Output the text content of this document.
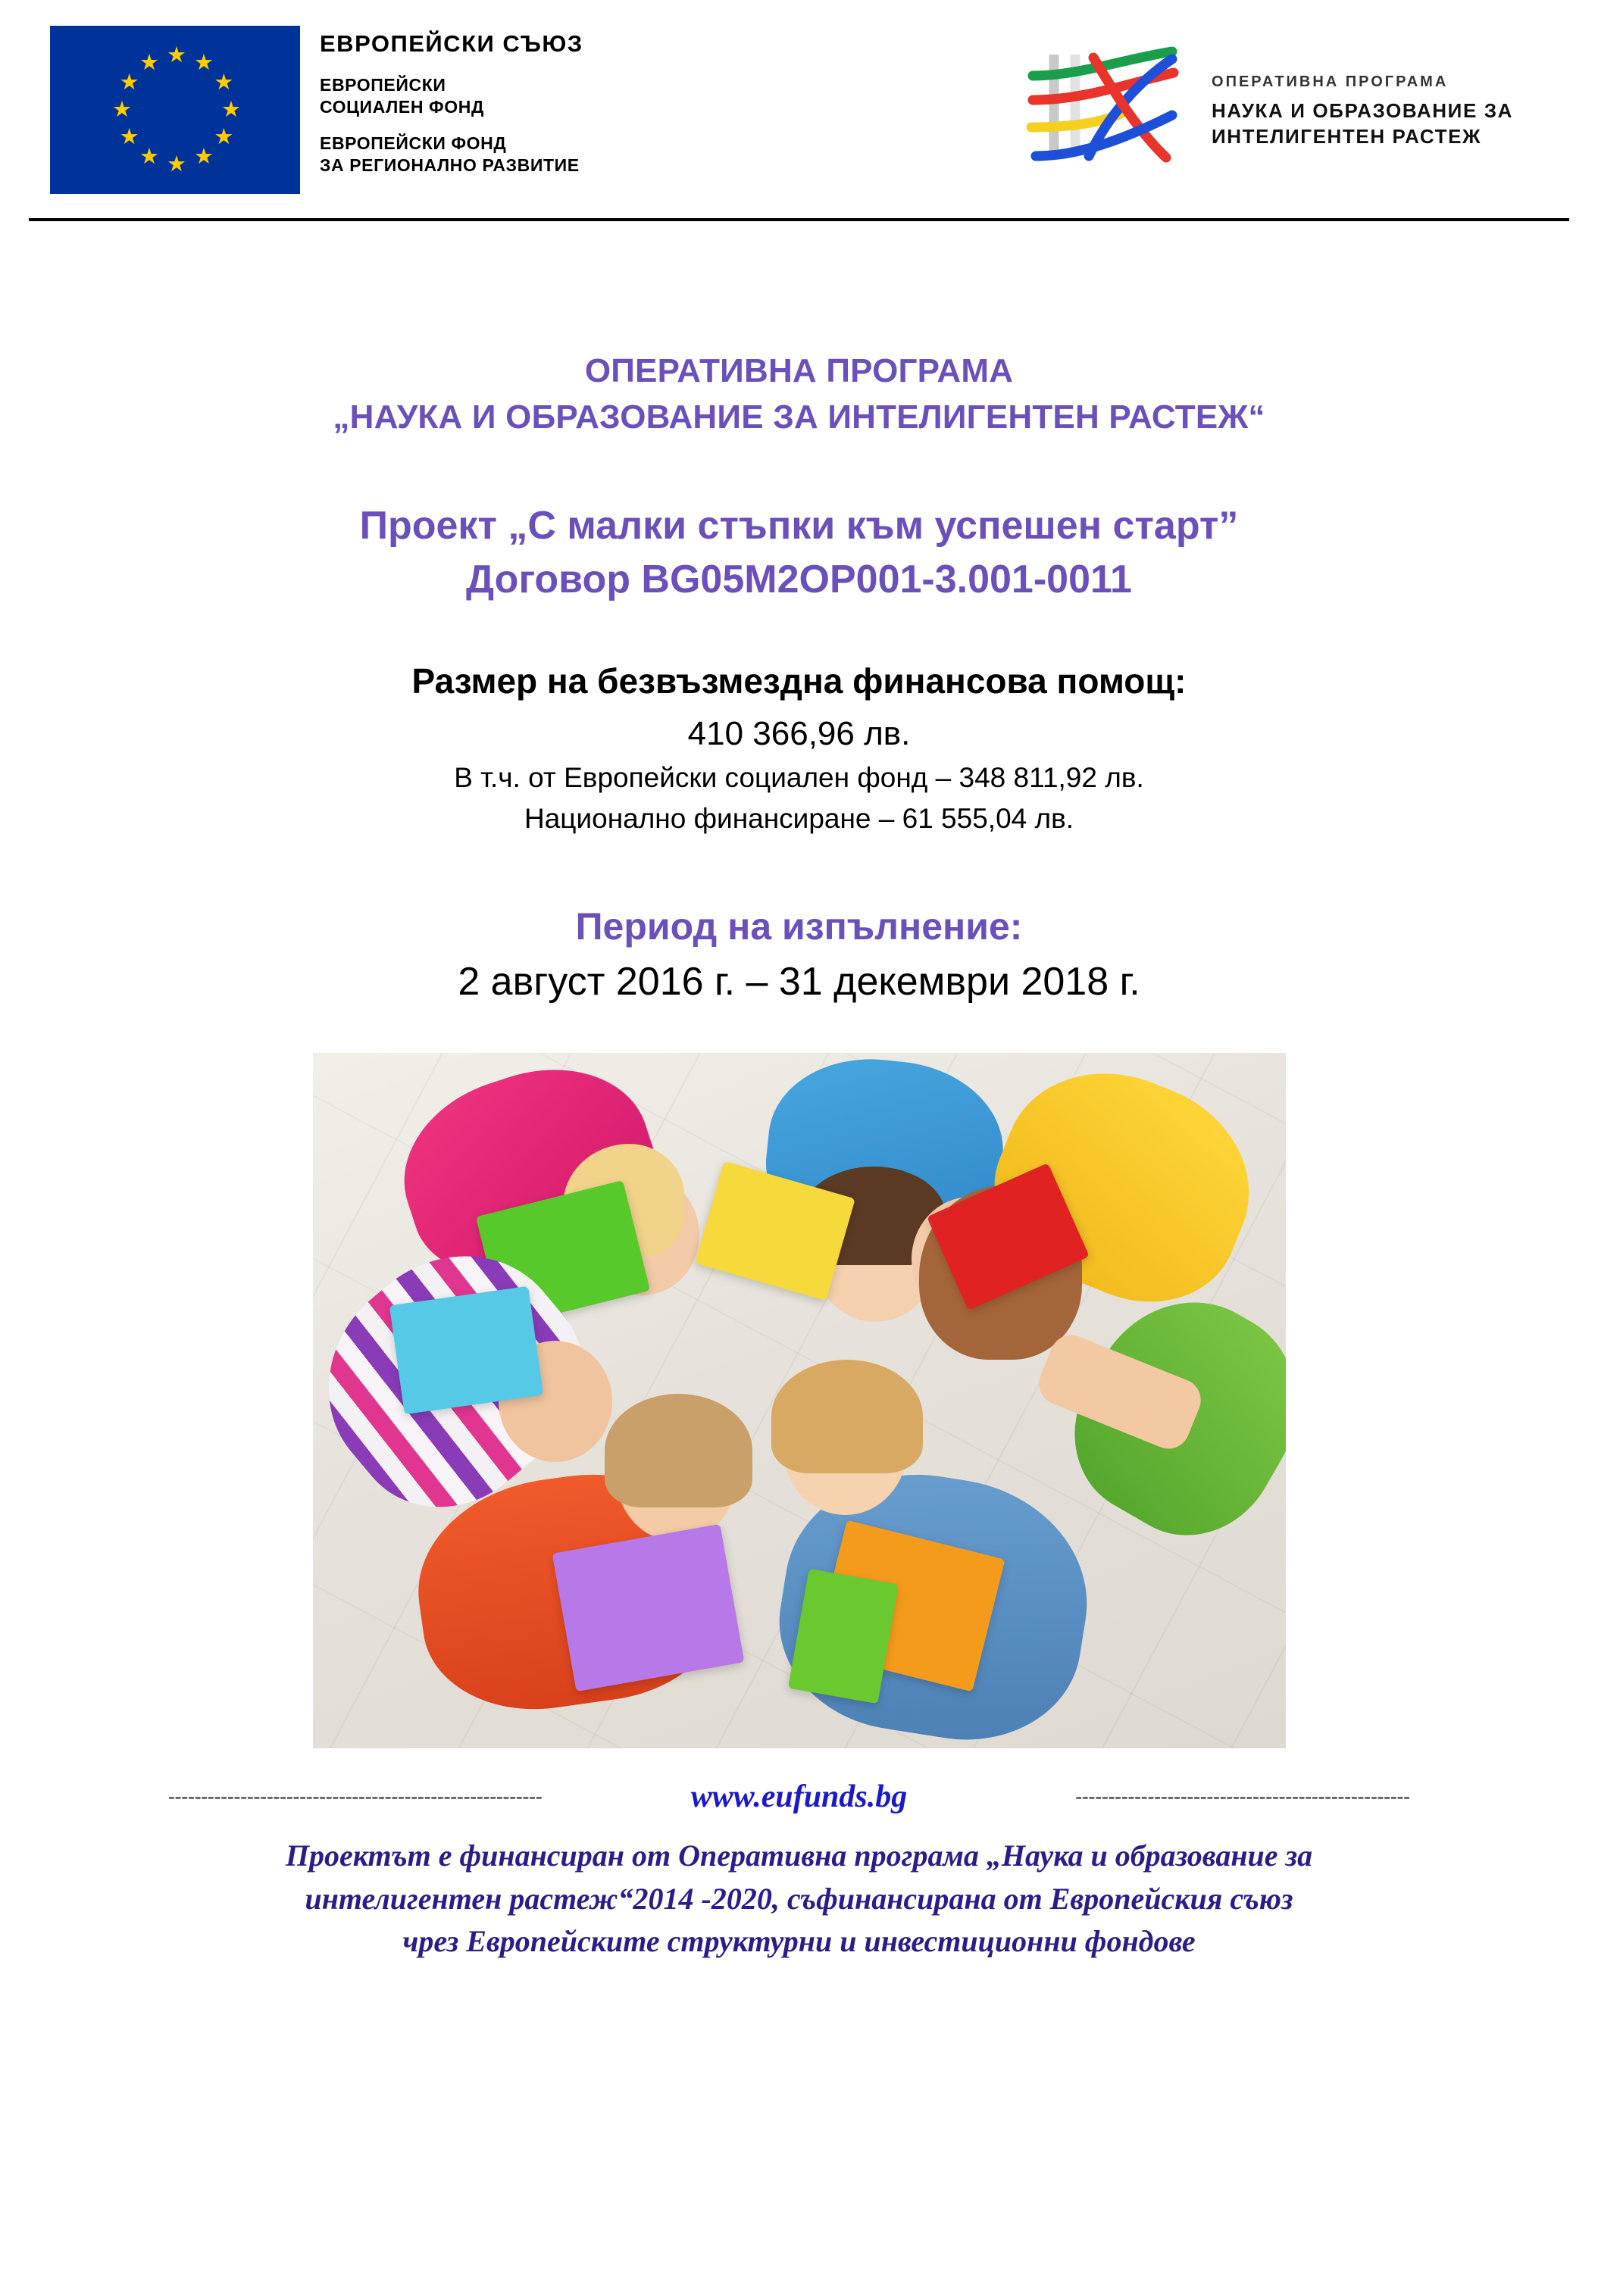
★ ★
★
★
★
★
★
★
★
★
★
★
ЕВРОПЕЙСКИ СЪЮЗ
ЕВРОПЕЙСКИ
СОЦИАЛЕН ФОНД
ЕВРОПЕЙСКИ ФОНД
ЗА РЕГИОНАЛНО РАЗВИТИЕ
ОПЕРАТИВНА ПРОГРАМА
НАУКА И ОБРАЗОВАНИЕ ЗА
ИНТЕЛИГЕНТЕН РАСТЕЖ
ОПЕРАТИВНА ПРОГРАМА
„НАУКА И ОБРАЗОВАНИЕ ЗА ИНТЕЛИГЕНТЕН РАСТЕЖ“
Проект „С малки стъпки към успешен старт”
Договор BG05M2OP001-3.001-0011
Размер на безвъзмездна финансова помощ:
410 366,96 лв.
В т.ч. от Европейски социален фонд – 348 811,92 лв.
Национално финансиране – 61 555,04 лв.
Период на изпълнение:
2 август 2016 г. – 31 декември 2018 г.
---------------------------------------------------------	www.eufunds.bg	---------------------------------------------------
Проектът е финансиран от Оперативна програма „Наука и образование за
интелигентен растеж“2014 -2020, съфинансирана от Европейския съюз
чрез Европейските структурни и инвестиционни фондове
